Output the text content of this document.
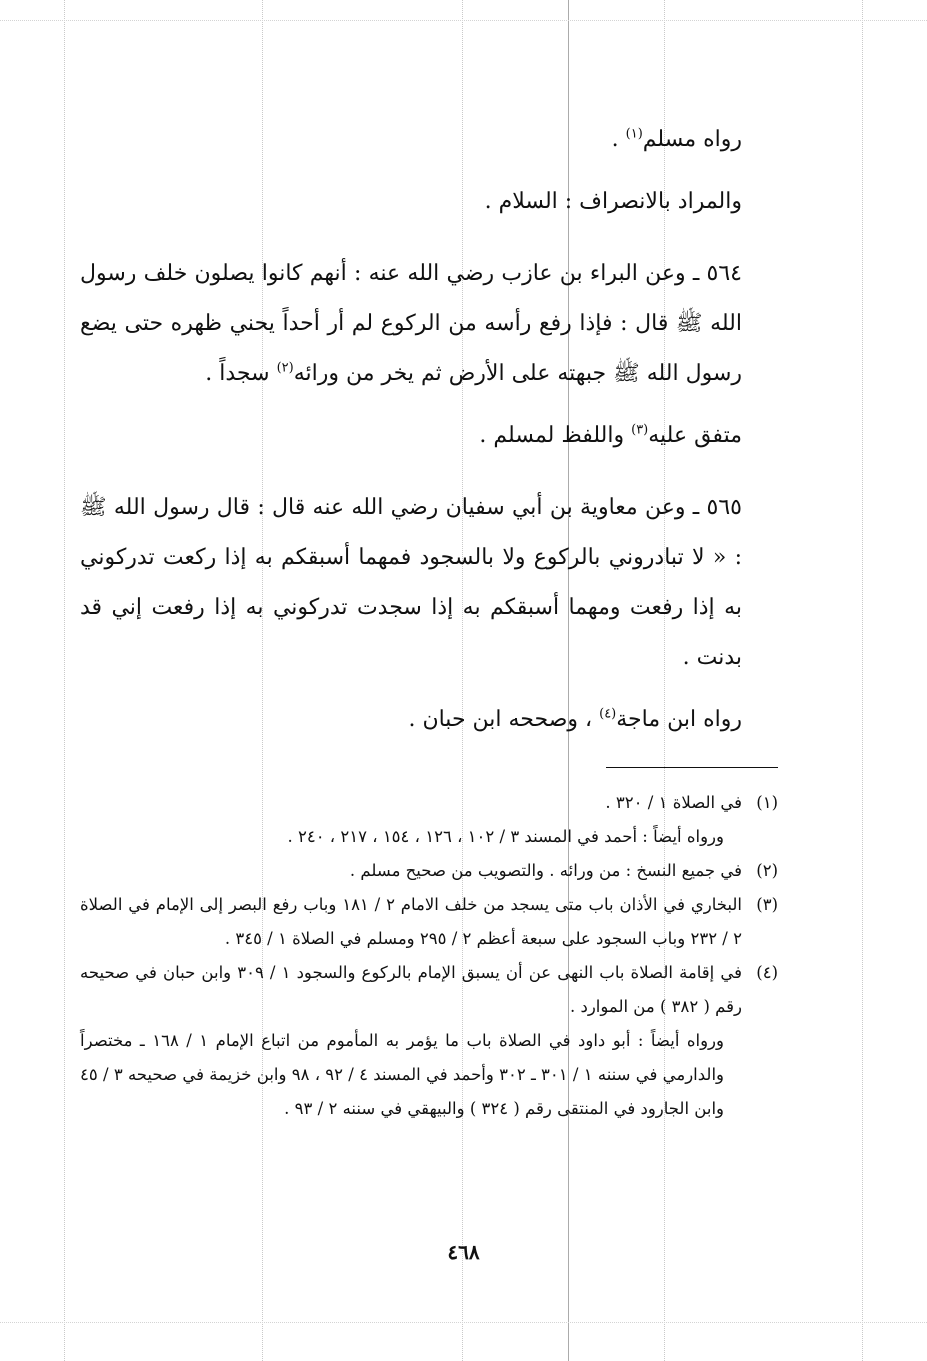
رواه مسلم$^{(١)}$ .

والمراد بالانصراف : السلام .

٥٦٤ ـ وعن البراء بن عازب رضي الله عنه : أنهم كانوا يصلون خلف رسول الله ﷺ قال : فإذا رفع رأسه من الركوع لم أر أحداً يحني ظهره حتى يضع رسول الله ﷺ جبهته على الأرض ثم يخر من ورائه$^{(٢)}$ سجداً .

متفق عليه$^{(٣)}$ واللفظ لمسلم .

٥٦٥ ـ وعن معاوية بن أبي سفيان رضي الله عنه قال : قال رسول الله ﷺ : « لا تبادروني بالركوع ولا بالسجود فمهما أسبقكم به إذا ركعت تدركوني به إذا رفعت ومهما أسبقكم به إذا سجدت تدركوني به إذا رفعت إني قد بدنت .

رواه ابن ماجة$^{(٤)}$ ، وصححه ابن حبان .

(١)
في الصلاة ١ / ٣٢٠ .

ورواه أيضاً : أحمد في المسند ٣ / ١٠٢ ، ١٢٦ ، ١٥٤ ، ٢١٧ ، ٢٤٠ .

(٢)
في جميع النسخ : من ورائه . والتصويب من صحيح مسلم .
(٣)
البخاري في الأذان باب متى يسجد من خلف الامام ٢ / ١٨١ وباب رفع البصر إلى الإمام في الصلاة ٢ / ٢٣٢ وباب السجود على سبعة أعظم ٢ / ٢٩٥ ومسلم في الصلاة ١ / ٣٤٥ .
(٤)
في إقامة الصلاة باب النهى عن أن يسبق الإمام بالركوع والسجود ١ / ٣٠٩ وابن حبان في صحيحه رقم ( ٣٨٢ ) من الموارد .

ورواه أيضاً : أبو داود في الصلاة باب ما يؤمر به المأموم من اتباع الإمام ١ / ١٦٨ ـ مختصراً والدارمي في سننه ١ / ٣٠١ ـ ٣٠٢ وأحمد في المسند ٤ / ٩٢ ، ٩٨ وابن خزيمة في صحيحه ٣ / ٤٥ وابن الجارود في المنتقى رقم ( ٣٢٤ ) والبيهقي في سننه ٢ / ٩٣ .

٤٦٨
